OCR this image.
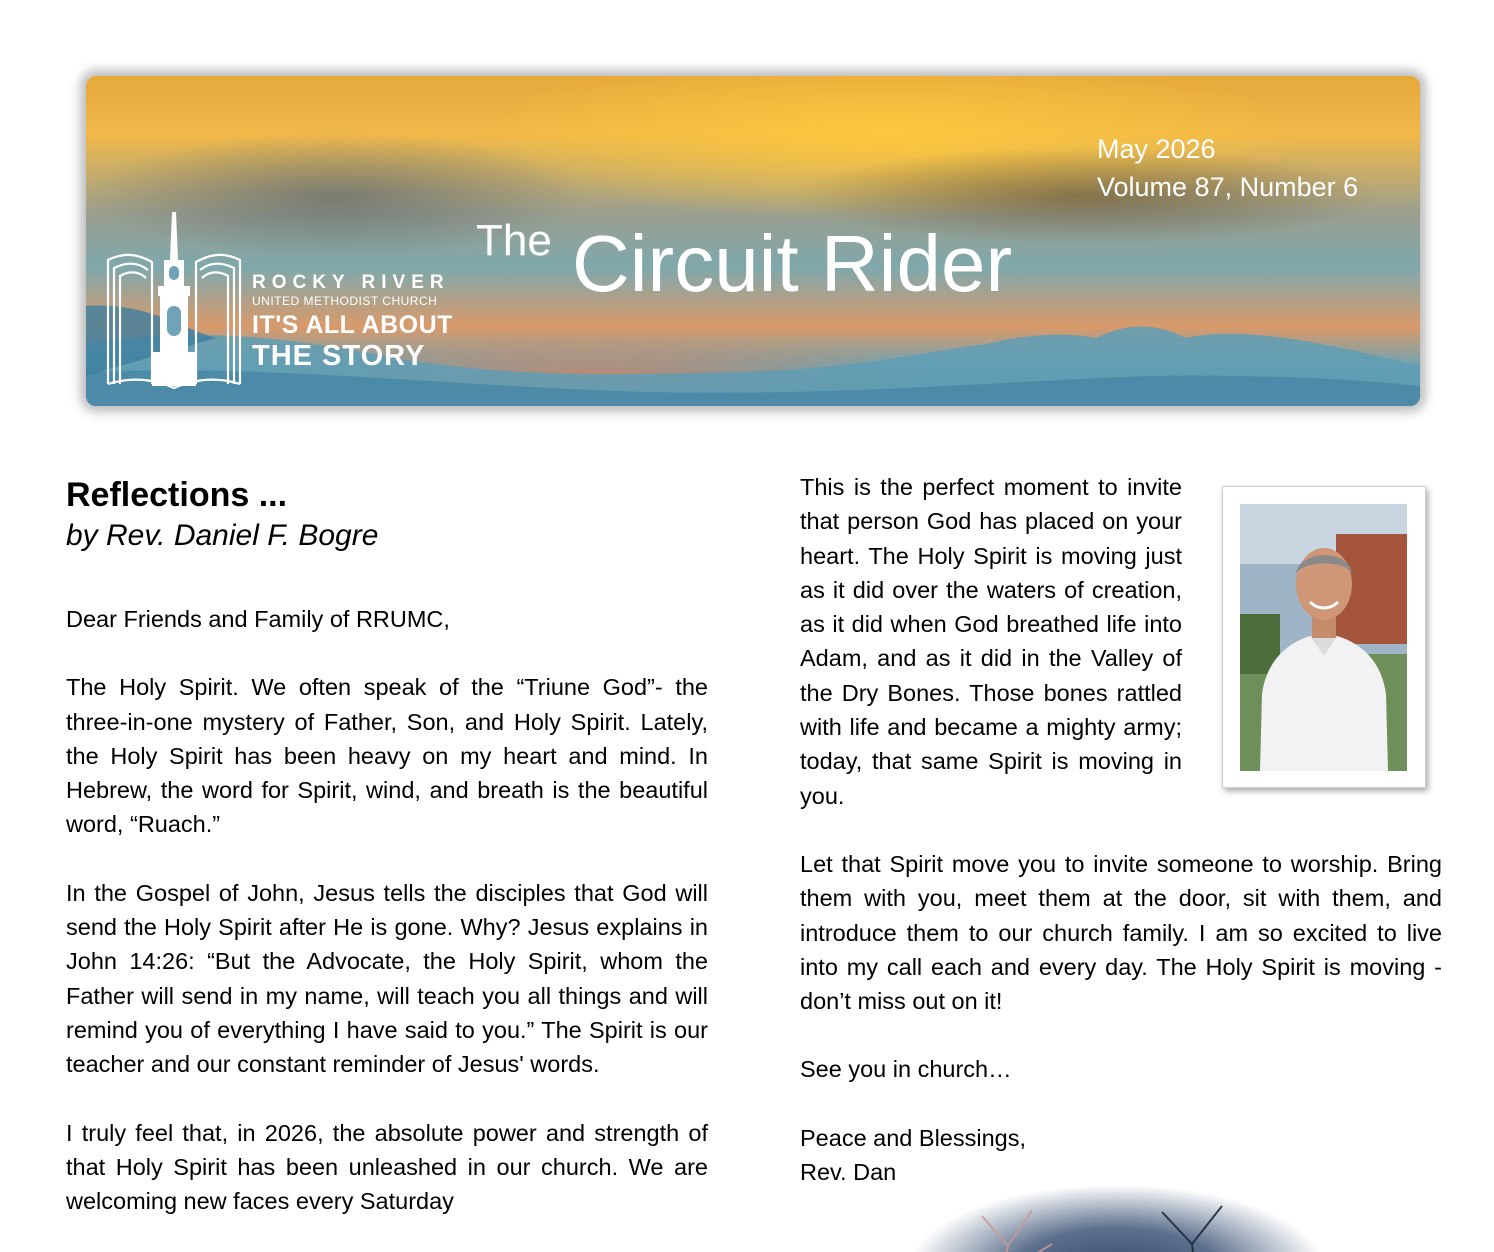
ROCKY RIVER
UNITED METHODIST CHURCH
IT'S ALL ABOUT
THE STORY
The Circuit Rider
May 2026
Volume 87, Number 6
Reflections ...
by Rev. Daniel F. Bogre

Dear Friends and Family of RRUMC,

The Holy Spirit. We often speak of the “Triune God”- the three-in-one mystery of Father, Son, and Holy Spirit. Lately, the Holy Spirit has been heavy on my heart and mind. In Hebrew, the word for Spirit, wind, and breath is the beautiful word, “Ruach.”

In the Gospel of John, Jesus tells the disciples that God will send the Holy Spirit after He is gone. Why? Jesus explains in John 14:26: “But the Advocate, the Holy Spirit, whom the Father will send in my name, will teach you all things and will remind you of everything I have said to you.” The Spirit is our teacher and our constant reminder of Jesus' words.

I truly feel that, in 2026, the absolute power and strength of that Holy Spirit has been unleashed in our church. We are welcoming new faces every Saturday

This is the perfect moment to invite that person God has placed on your heart. The Holy Spirit is moving just as it did over the waters of creation, as it did when God breathed life into Adam, and as it did in the Valley of the Dry Bones. Those bones rattled with life and became a mighty army; today, that same Spirit is moving in you.

Let that Spirit move you to invite someone to worship. Bring them with you, meet them at the door, sit with them, and introduce them to our church family. I am so excited to live into my call each and every day. The Holy Spirit is moving - don’t miss out on it!

See you in church…

Peace and Blessings,

Rev. Dan
